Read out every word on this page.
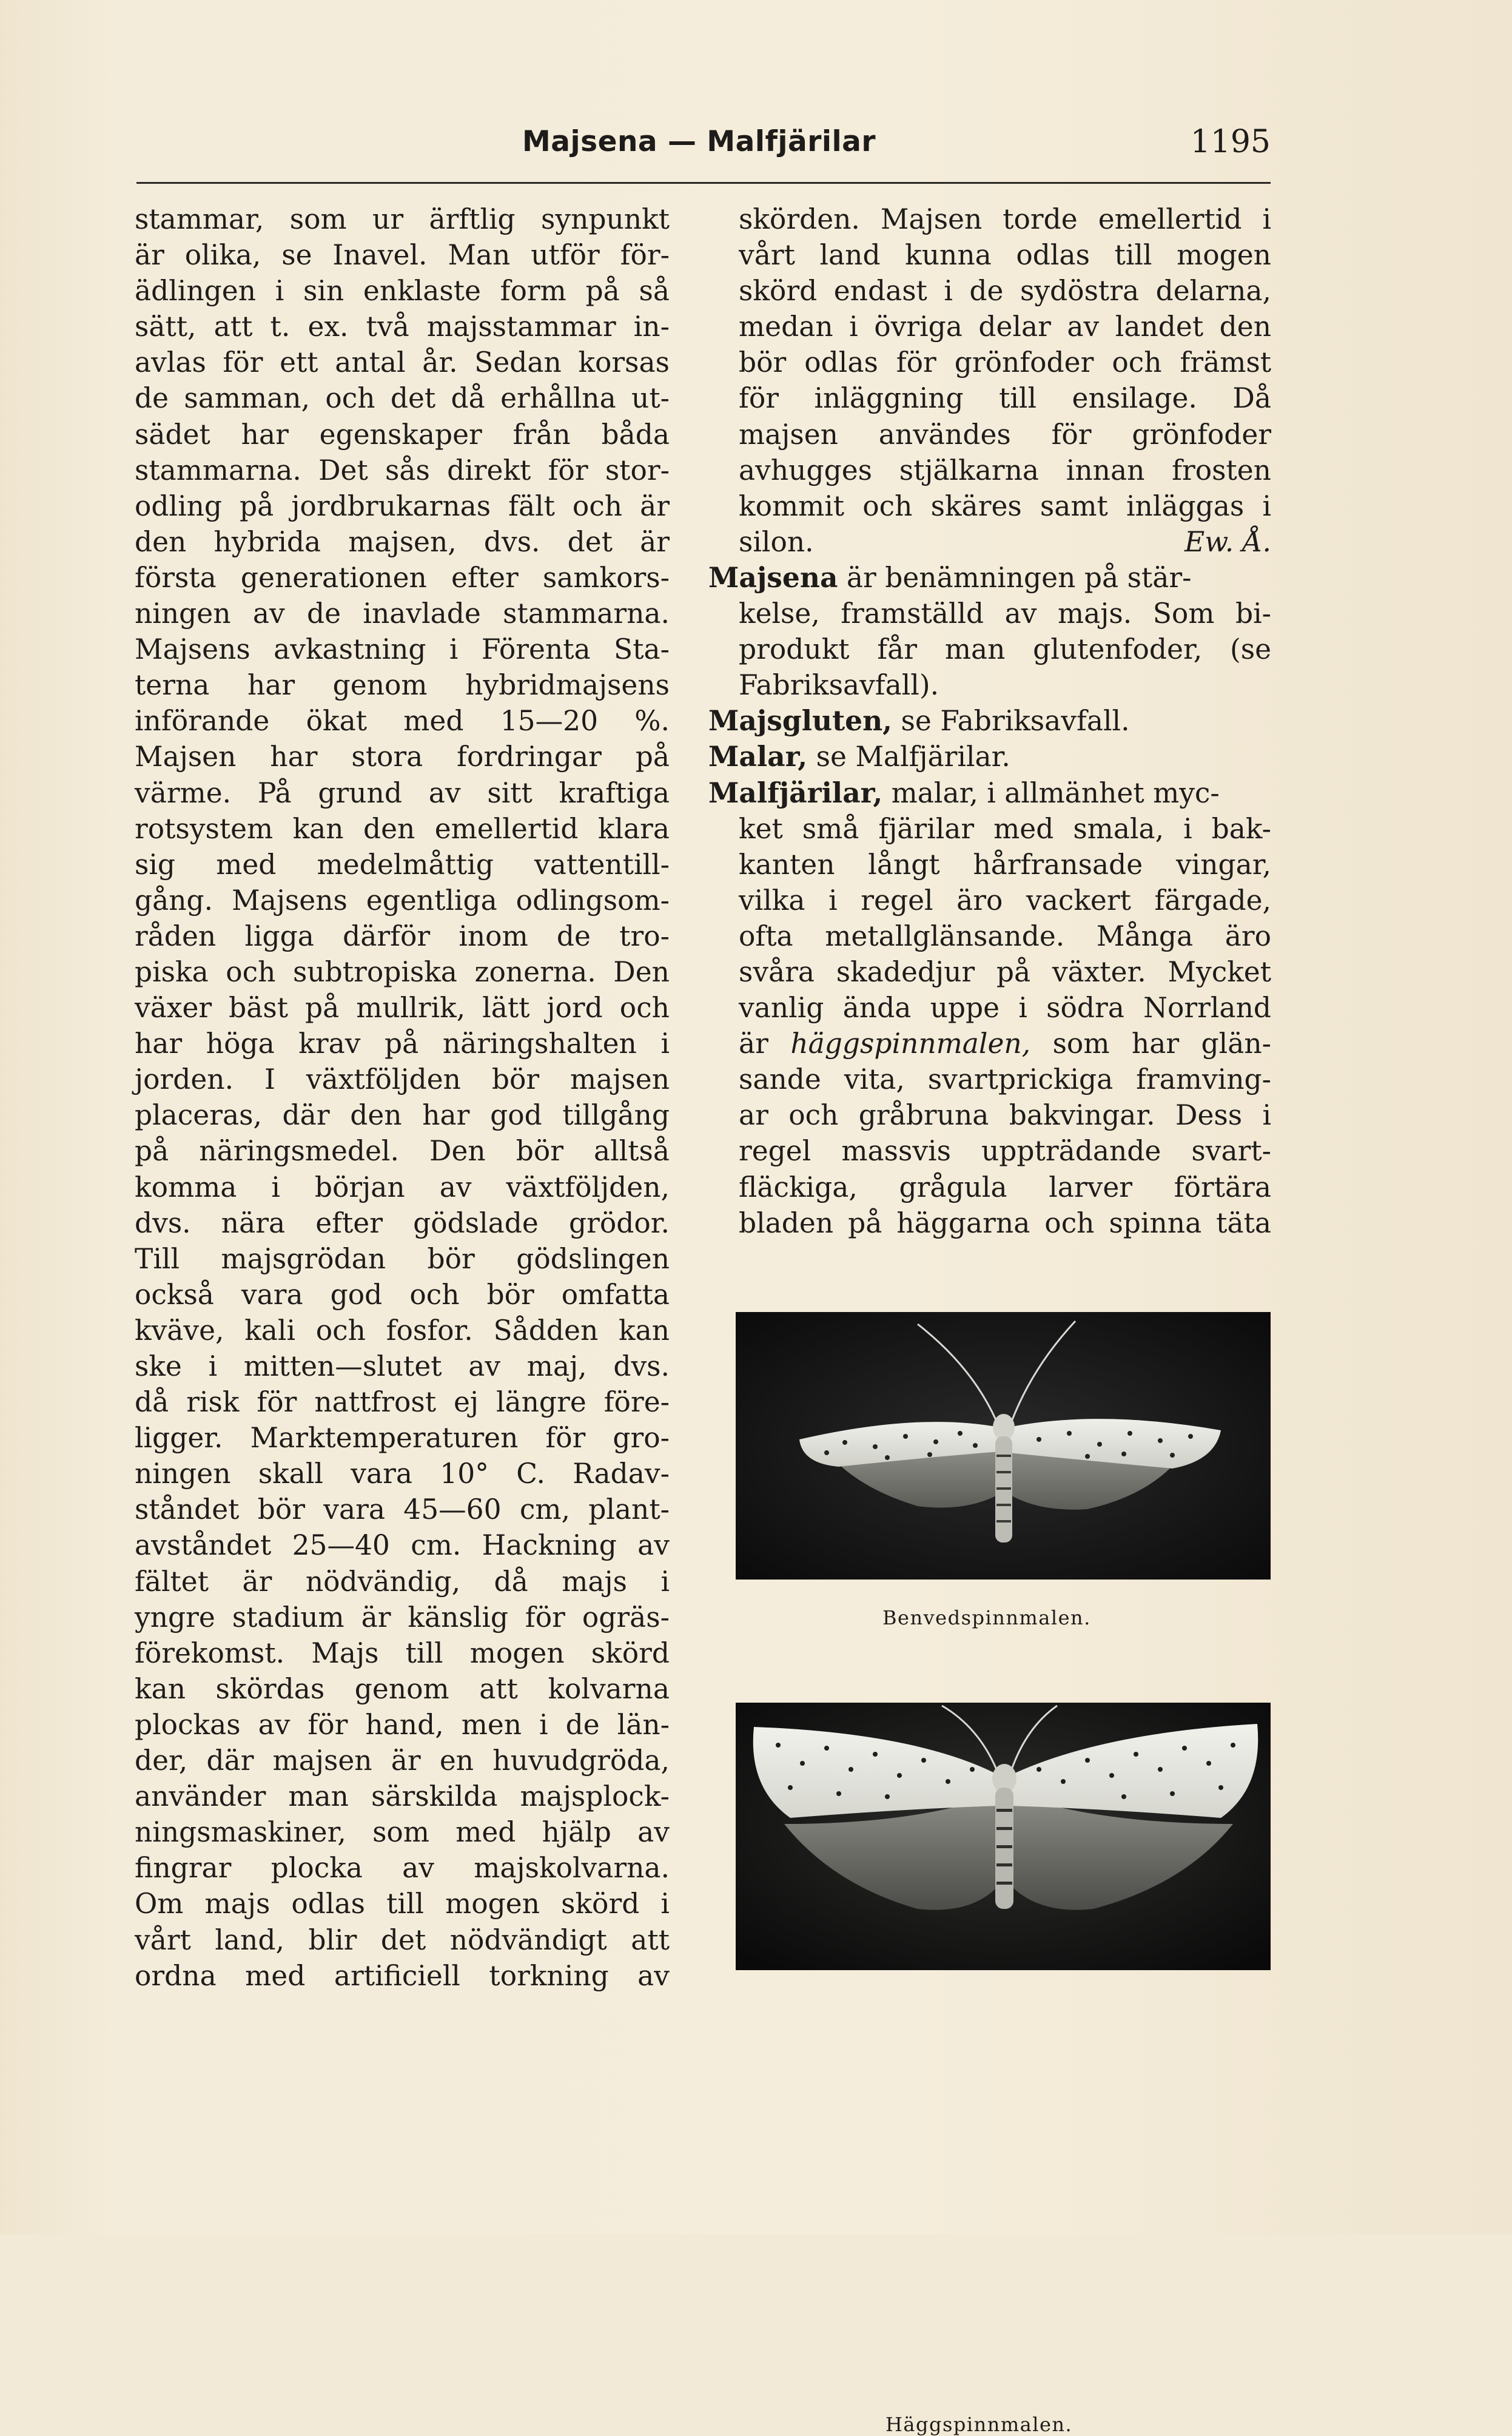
Majsena — Malfjärilar	1195
stammar, som ur ärftlig synpunkt
är olika, se Inavel. Man utför för-
ädlingen i sin enklaste form på så
sätt, att t. ex. två majsstammar in-
avlas för ett antal år. Sedan korsas
de samman, och det då erhållna ut-
sädet har egenskaper från båda
stammarna. Det sås direkt för stor-
odling på jordbrukarnas fält och är
den hybrida majsen, dvs. det är
första generationen efter samkors-
ningen av de inavlade stammarna.
Majsens avkastning i Förenta Sta-
terna har genom hybridmajsens
införande ökat med 15—20 %.
Majsen har stora fordringar på
värme. På grund av sitt kraftiga
rotsystem kan den emellertid klara
sig med medelmåttig vattentill-
gång. Majsens egentliga odlingsom-
råden ligga därför inom de tro-
piska och subtropiska zonerna. Den
växer bäst på mullrik, lätt jord och
har höga krav på näringshalten i
jorden. I växtföljden bör majsen
placeras, där den har god tillgång
på näringsmedel. Den bör alltså
komma i början av växtföljden,
dvs. nära efter gödslade grödor.
Till majsgrödan bör gödslingen
också vara god och bör omfatta
kväve, kali och fosfor. Sådden kan
ske i mitten—slutet av maj, dvs.
då risk för nattfrost ej längre före-
ligger. Marktemperaturen för gro-
ningen skall vara 10° C. Radav-
ståndet bör vara 45—60 cm, plant-
avståndet 25—40 cm. Hackning av
fältet är nödvändig, då majs i
yngre stadium är känslig för ogräs-
förekomst. Majs till mogen skörd
kan skördas genom att kolvarna
plockas av för hand, men i de län-
der, där majsen är en huvudgröda,
använder man särskilda majsplock-
ningsmaskiner, som med hjälp av
fingrar plocka av majskolvarna.
Om majs odlas till mogen skörd i
vårt land, blir det nödvändigt att
ordna med artificiell torkning av
skörden. Majsen torde emellertid i
vårt land kunna odlas till mogen
skörd endast i de sydöstra delarna,
medan i övriga delar av landet den
bör odlas för grönfoder och främst
för inläggning till ensilage. Då
majsen användes för grönfoder
avhugges stjälkarna innan frosten
kommit och skäres samt inläggas i
silon.	Ew. Å.
Majsena är benämningen på stär-
kelse, framställd av majs. Som bi-
produkt får man glutenfoder, (se
Fabriksavfall).
Majsgluten, se Fabriksavfall.
Malar, se Malfjärilar.
Malfjärilar, malar, i allmänhet myc-
ket små fjärilar med smala, i bak-
kanten långt hårfransade vingar,
vilka i regel äro vackert färgade,
ofta metallglänsande. Många äro
svåra skadedjur på växter. Mycket
vanlig ända uppe i södra Norrland
är häggspinnmalen, som har glän-
sande vita, svartprickiga framving-
ar och gråbruna bakvingar. Dess i
regel massvis uppträdande svart-
fläckiga, grågula larver förtära
bladen på häggarna och spinna täta
Benvedspinnmalen.
Häggspinnmalen.
